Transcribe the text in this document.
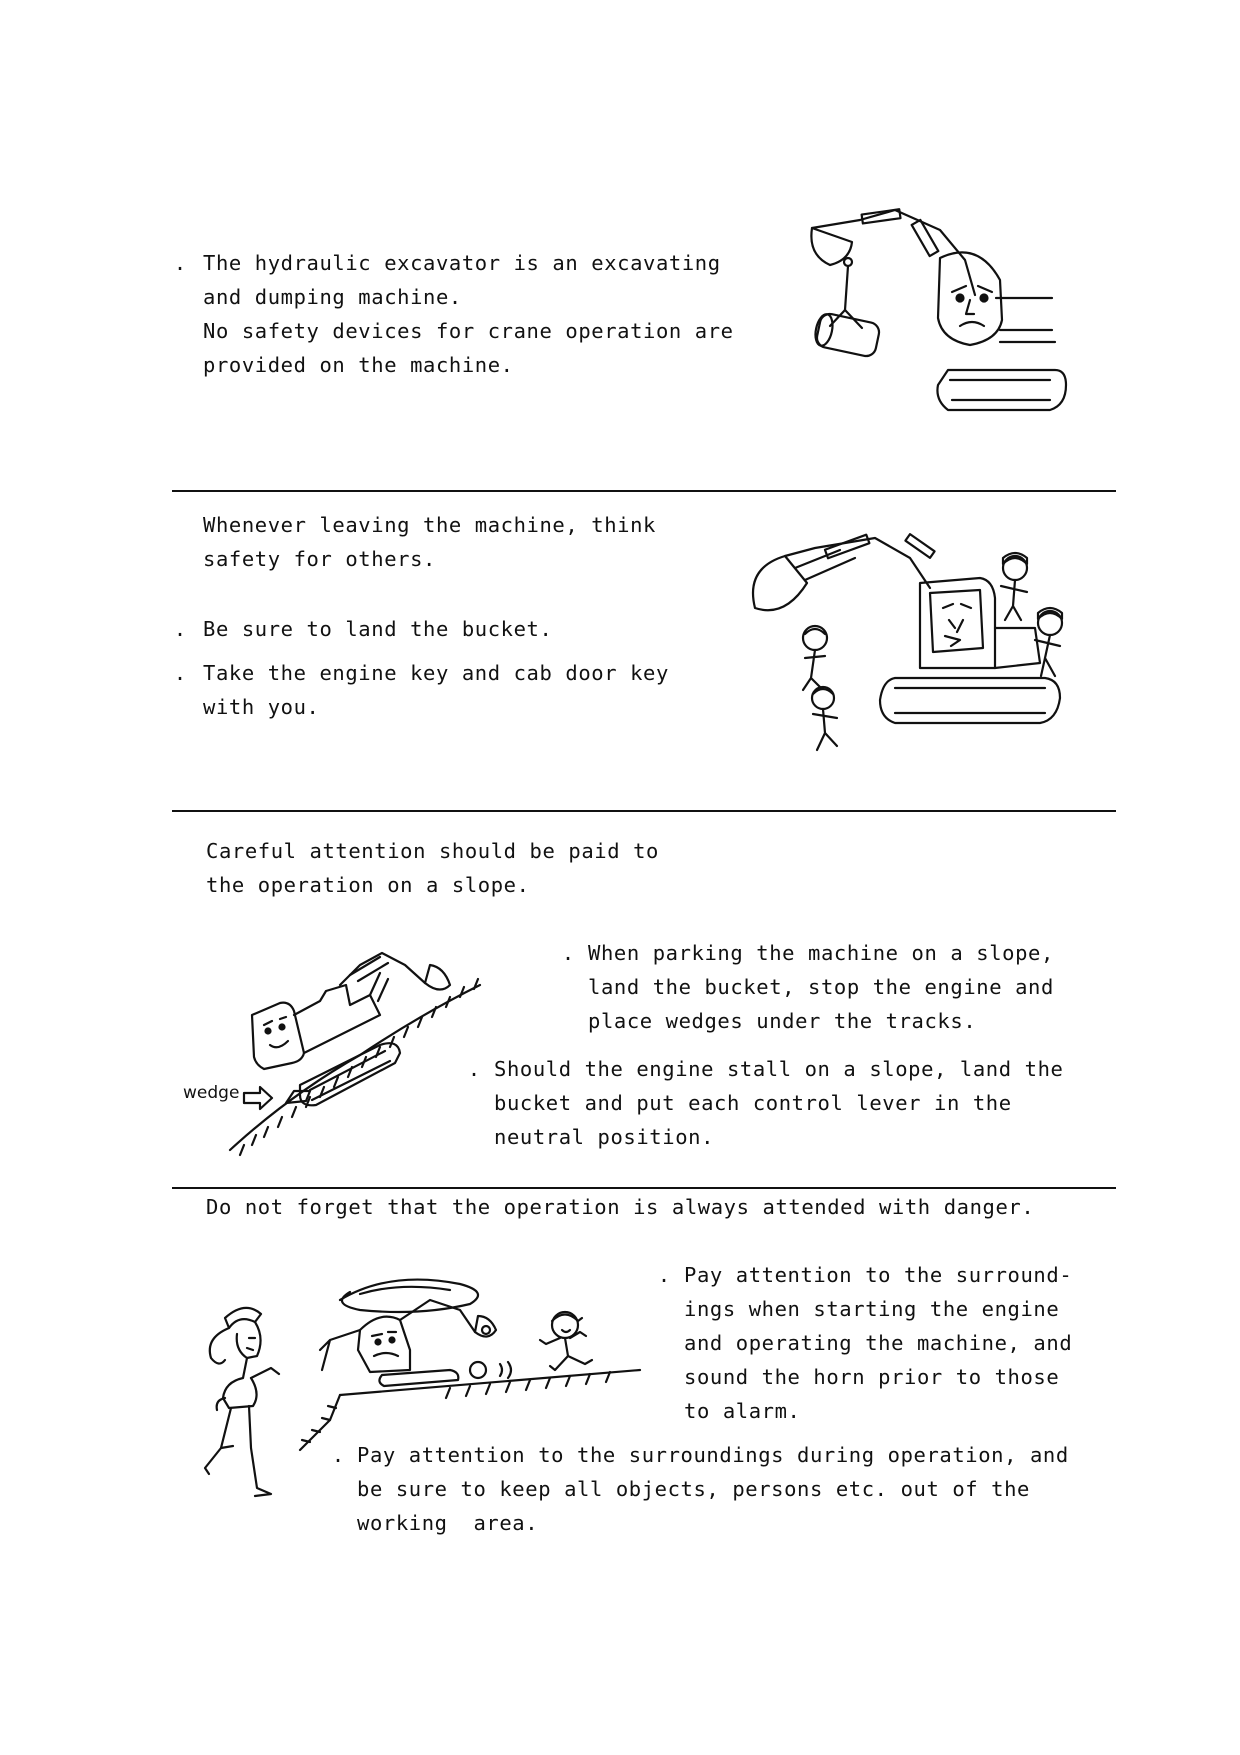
. The hydraulic excavator is an excavating
and dumping machine.
No safety devices for crane operation are
provided on the machine.
Whenever leaving the machine, think
safety for others.
. Be sure to land the bucket.
. Take the engine key and cab door key
with you.
Careful attention should be paid to
the operation on a slope.
. When parking the machine on a slope,
land the bucket, stop the engine and
place wedges under the tracks.
. Should the engine stall on a slope, land the
bucket and put each control lever in the
neutral position.
wedge
Do not forget that the operation is always attended with danger.
. Pay attention to the surround-
ings when starting the engine
and operating the machine, and
sound the horn prior to those
to alarm.
. Pay attention to the surroundings during operation, and
be sure to keep all objects, persons etc. out of the
working  area.
